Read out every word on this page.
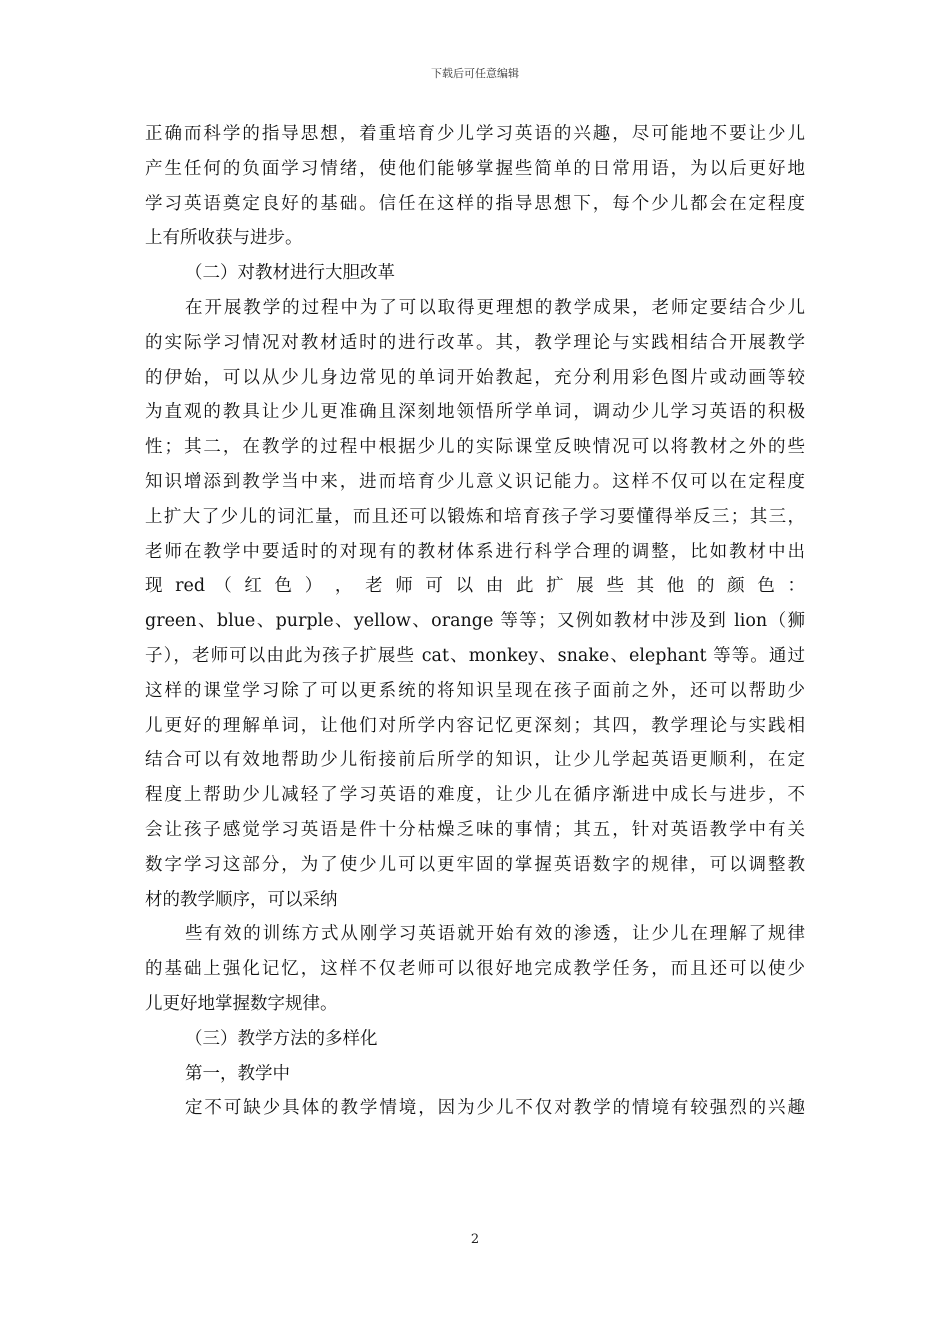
下载后可任意编辑
正确而科学的指导思想，着重培育少儿学习英语的兴趣，尽可能地不要让少儿
产生任何的负面学习情绪，使他们能够掌握些简单的日常用语，为以后更好地
学习英语奠定良好的基础。信任在这样的指导思想下，每个少儿都会在定程度
上有所收获与进步。
（二）对教材进行大胆改革
在开展教学的过程中为了可以取得更理想的教学成果，老师定要结合少儿
的实际学习情况对教材适时的进行改革。其，教学理论与实践相结合开展教学
的伊始，可以从少儿身边常见的单词开始教起，充分利用彩色图片或动画等较
为直观的教具让少儿更准确且深刻地领悟所学单词，调动少儿学习英语的积极
性；其二，在教学的过程中根据少儿的实际课堂反映情况可以将教材之外的些
知识增添到教学当中来，进而培育少儿意义识记能力。这样不仅可以在定程度
上扩大了少儿的词汇量，而且还可以锻炼和培育孩子学习要懂得举反三；其三，
老师在教学中要适时的对现有的教材体系进行科学合理的调整，比如教材中出
现 red （ 红 色 ） ， 老 师 可 以 由 此 扩 展 些 其 他 的 颜 色 ：
green、blue、purple、yellow、orange 等等；又例如教材中涉及到 lion（狮
子），老师可以由此为孩子扩展些 cat、monkey、snake、elephant 等等。通过
这样的课堂学习除了可以更系统的将知识呈现在孩子面前之外，还可以帮助少
儿更好的理解单词，让他们对所学内容记忆更深刻；其四，教学理论与实践相
结合可以有效地帮助少儿衔接前后所学的知识，让少儿学起英语更顺利，在定
程度上帮助少儿减轻了学习英语的难度，让少儿在循序渐进中成长与进步，不
会让孩子感觉学习英语是件十分枯燥乏味的事情；其五，针对英语教学中有关
数字学习这部分，为了使少儿可以更牢固的掌握英语数字的规律，可以调整教
材的教学顺序，可以采纳
些有效的训练方式从刚学习英语就开始有效的渗透，让少儿在理解了规律
的基础上强化记忆，这样不仅老师可以很好地完成教学任务，而且还可以使少
儿更好地掌握数字规律。
（三）教学方法的多样化
第一，教学中
定不可缺少具体的教学情境，因为少儿不仅对教学的情境有较强烈的兴趣
2
